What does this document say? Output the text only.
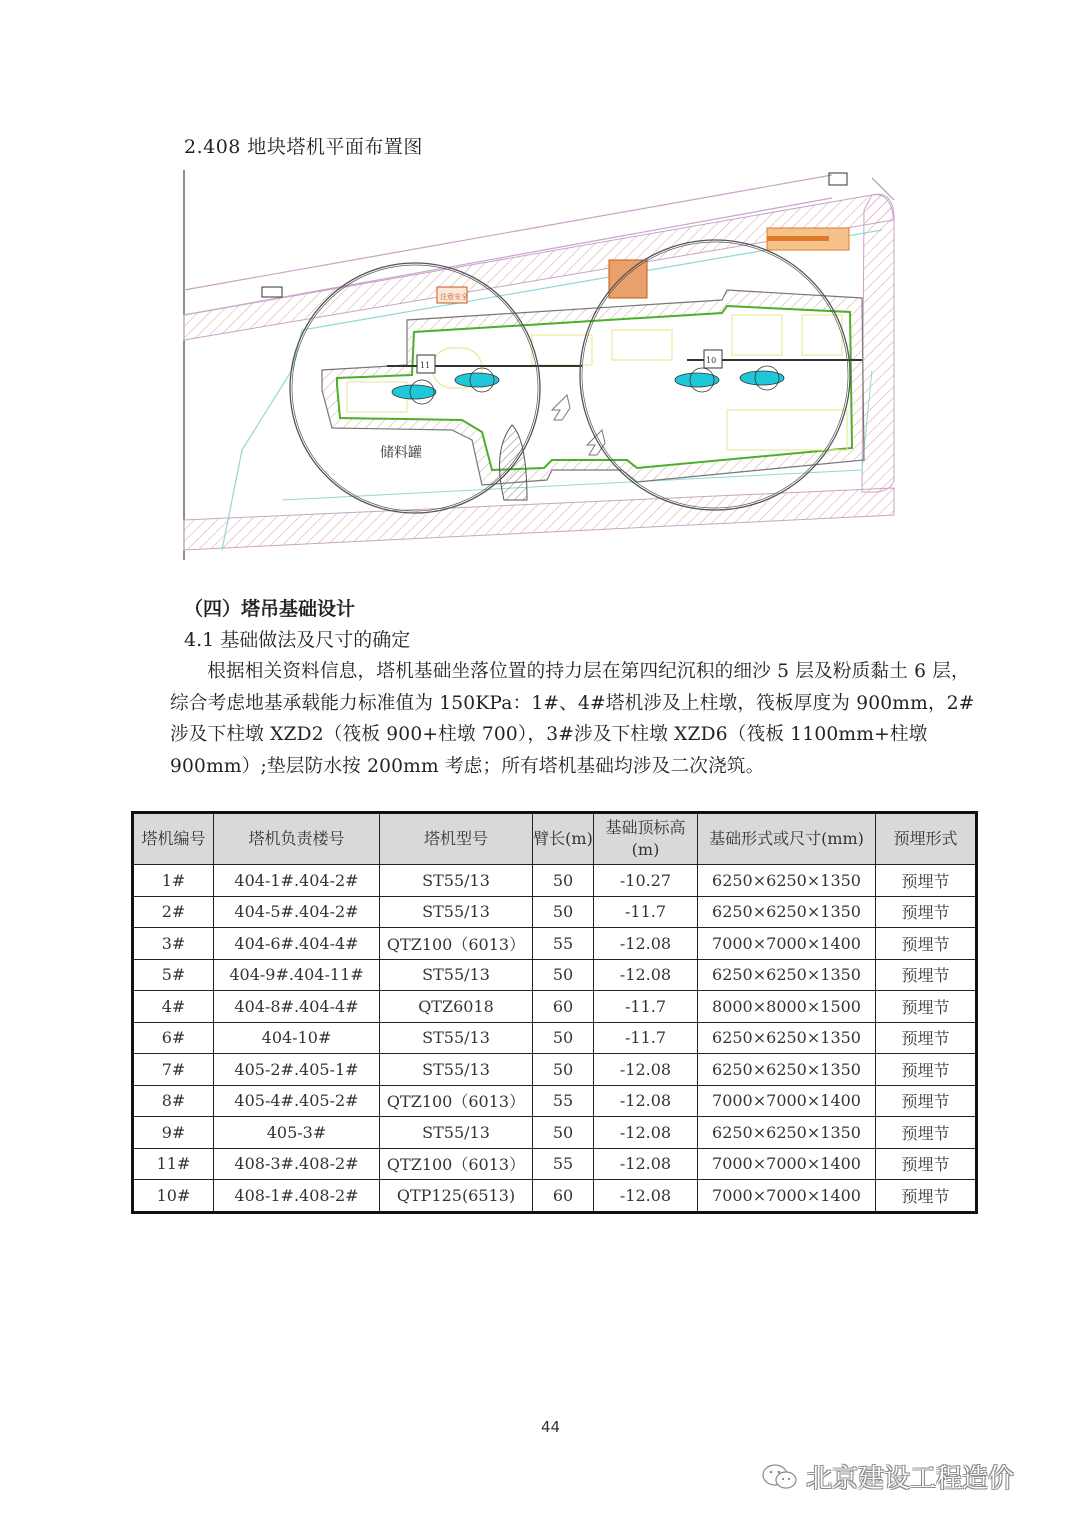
2.408 地块塔机平面布置图
11
10
注意安全
储料罐
（四）塔吊基础设计
4.1 基础做法及尺寸的确定
根据相关资料信息，塔机基础坐落位置的持力层在第四纪沉积的细沙 5 层及粉质黏土 6 层，综合考虑地基承载能力标准值为 150KPa：1#、4#塔机涉及上柱墩，筏板厚度为 900mm，2#涉及下柱墩 XZD2（筏板 900+柱墩 700），3#涉及下柱墩 XZD6（筏板 1100mm+柱墩 900mm）;垫层防水按 200mm 考虑；所有塔机基础均涉及二次浇筑。
塔机编号	塔机负责楼号	塔机型号	臂长(m)	基础顶标高(m)	基础形式或尺寸(mm)	预埋形式
1#	404-1#.404-2#	ST55/13	50	-10.27	6250×6250×1350	预埋节
2#	404-5#.404-2#	ST55/13	50	-11.7	6250×6250×1350	预埋节
3#	404-6#.404-4#	QTZ100（6013）	55	-12.08	7000×7000×1400	预埋节
5#	404-9#.404-11#	ST55/13	50	-12.08	6250×6250×1350	预埋节
4#	404-8#.404-4#	QTZ6018	60	-11.7	8000×8000×1500	预埋节
6#	404-10#	ST55/13	50	-11.7	6250×6250×1350	预埋节
7#	405-2#.405-1#	ST55/13	50	-12.08	6250×6250×1350	预埋节
8#	405-4#.405-2#	QTZ100（6013）	55	-12.08	7000×7000×1400	预埋节
9#	405-3#	ST55/13	50	-12.08	6250×6250×1350	预埋节
11#	408-3#.408-2#	QTZ100（6013）	55	-12.08	7000×7000×1400	预埋节
10#	408-1#.408-2#	QTP125(6513)	60	-12.08	7000×7000×1400	预埋节
44
北京建设工程造价
